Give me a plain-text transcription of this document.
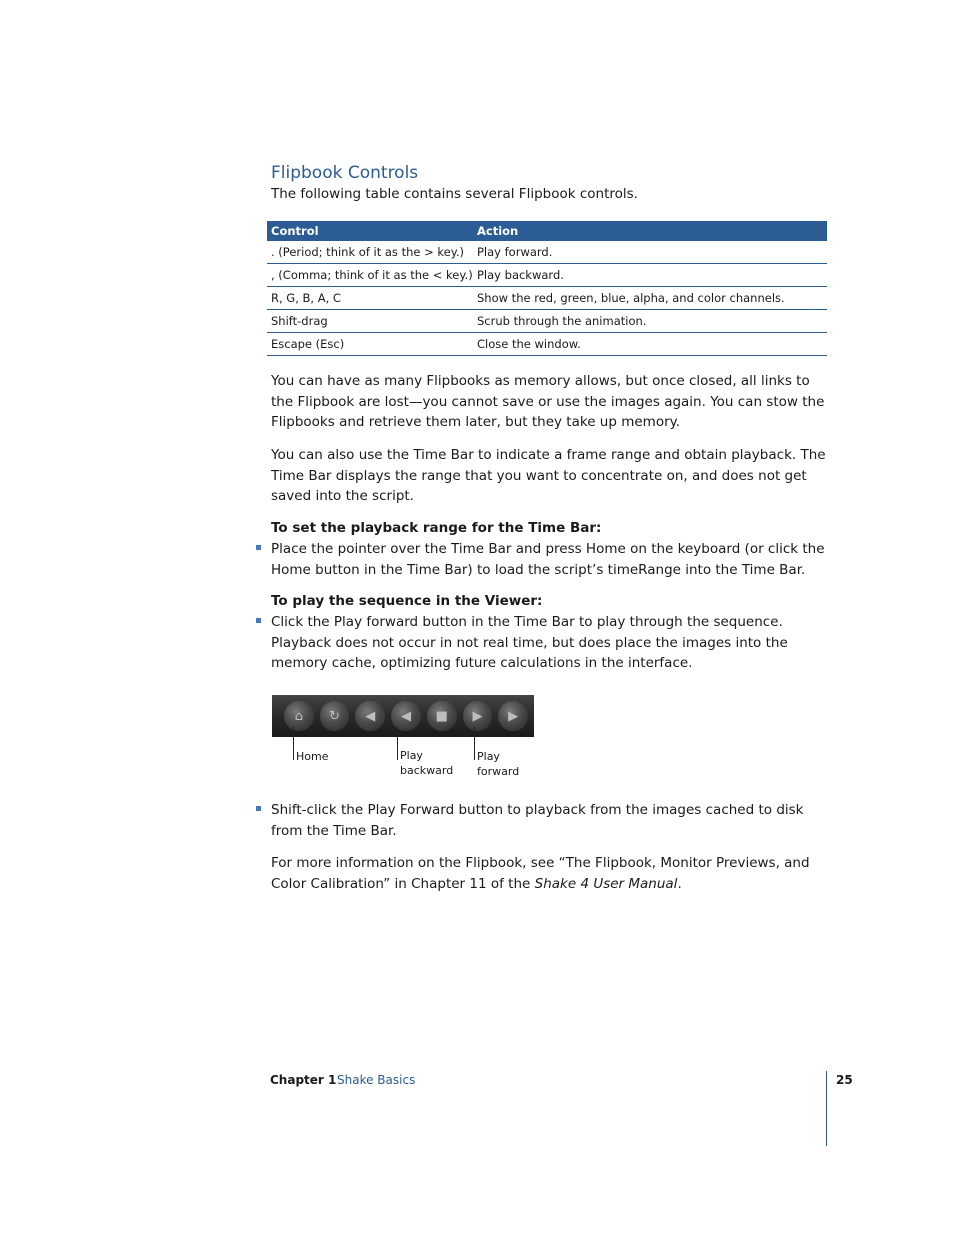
Flipbook Controls

The following table contains several Flipbook controls.

Control	Action
. (Period; think of it as the > key.)	Play forward.
, (Comma; think of it as the < key.)	Play backward.
R, G, B, A, C	Show the red, green, blue, alpha, and color channels.
Shift-drag	Scrub through the animation.
Escape (Esc)	Close the window.

You can have as many Flipbooks as memory allows, but once closed, all links to the Flipbook are lost—you cannot save or use the images again. You can stow the Flipbooks and retrieve them later, but they take up memory.

You can also use the Time Bar to indicate a frame range and obtain playback. The Time Bar displays the range that you want to concentrate on, and does not get saved into the script.

To set the playback range for the Time Bar:

Place the pointer over the Time Bar and press Home on the keyboard (or click the Home button in the Time Bar) to load the script’s timeRange into the Time Bar.

To play the sequence in the Viewer:

Click the Play forward button in the Time Bar to play through the sequence. Playback does not occur in not real time, but does place the images into the memory cache, optimizing future calculations in the interface.

⌂	↻	◀	◀	■	▶	▶

Home	Play
backward

Play
forward

Shift-click the Play Forward button to playback from the images cached to disk from the Time Bar.

For more information on the Flipbook, see “The Flipbook, Monitor Previews, and Color Calibration” in Chapter 11 of the Shake 4 User Manual.

Chapter 1 Shake Basics	25
